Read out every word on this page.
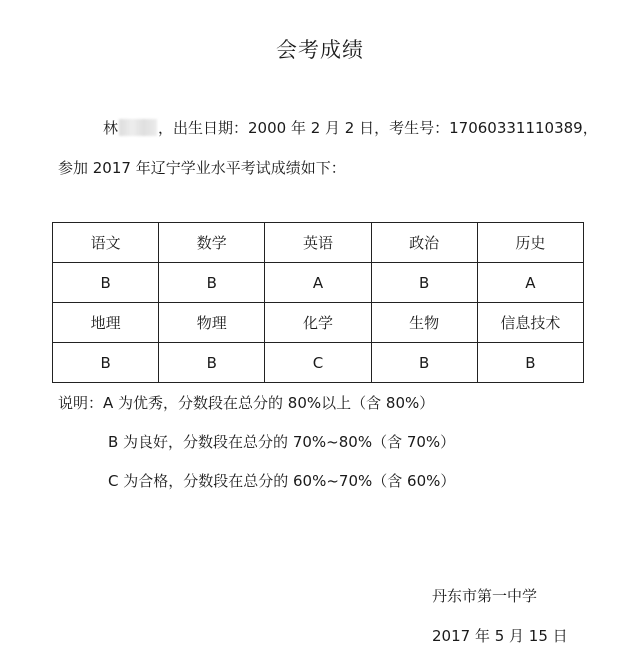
会考成绩
林	，出生日期：2000 年 2 月 2 日，考生号：17060331110389，
参加 2017 年辽宁学业水平考试成绩如下：
语文	数学	英语	政治	历史
B	B	A	B	A
地理	物理	化学	生物	信息技术
B	B	C	B	B
说明：A 为优秀，分数段在总分的 80%以上（含 80%）
B 为良好，分数段在总分的 70%~80%（含 70%）
C 为合格，分数段在总分的 60%~70%（含 60%）
丹东市第一中学
2017 年 5 月 15 日
